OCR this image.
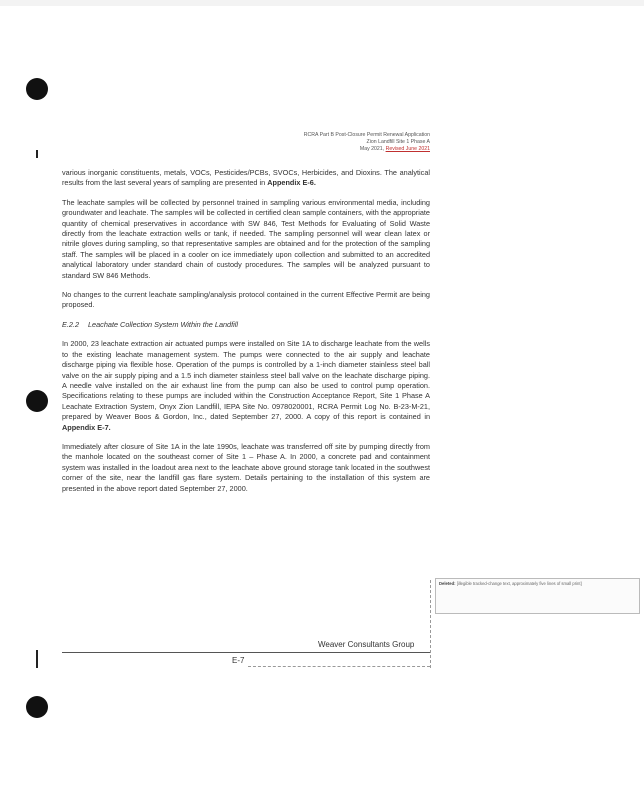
RCRA Part B Post-Closure Permit Renewal Application
Zion Landfill Site 1 Phase A
May 2021, Revised June 2021

various inorganic constituents, metals, VOCs, Pesticides/PCBs, SVOCs, Herbicides, and Dioxins. The analytical results from the last several years of sampling are presented in Appendix E-6.

The leachate samples will be collected by personnel trained in sampling various environmental media, including groundwater and leachate. The samples will be collected in certified clean sample containers, with the appropriate quantity of chemical preservatives in accordance with SW 846, Test Methods for Evaluating of Solid Waste directly from the leachate extraction wells or tank, if needed. The sampling personnel will wear clean latex or nitrile gloves during sampling, so that representative samples are obtained and for the protection of the sampling staff. The samples will be placed in a cooler on ice immediately upon collection and submitted to an accredited analytical laboratory under standard chain of custody procedures. The samples will be analyzed pursuant to standard SW 846 Methods.

No changes to the current leachate sampling/analysis protocol contained in the current Effective Permit are being proposed.

E.2.2 Leachate Collection System Within the Landfill

In 2000, 23 leachate extraction air actuated pumps were installed on Site 1A to discharge leachate from the wells to the existing leachate management system. The pumps were connected to the air supply and leachate discharge piping via flexible hose. Operation of the pumps is controlled by a 1-inch diameter stainless steel ball valve on the air supply piping and a 1.5 inch diameter stainless steel ball valve on the leachate discharge piping. A needle valve installed on the air exhaust line from the pump can also be used to control pump operation. Specifications relating to these pumps are included within the Construction Acceptance Report, Site 1 Phase A Leachate Extraction System, Onyx Zion Landfill, IEPA Site No. 0978020001, RCRA Permit Log No. B-23-M-21, prepared by Weaver Boos & Gordon, Inc., dated September 27, 2000. A copy of this report is contained in Appendix E-7.

Immediately after closure of Site 1A in the late 1990s, leachate was transferred off site by pumping directly from the manhole located on the southeast corner of Site 1 – Phase A. In 2000, a concrete pad and containment system was installed in the loadout area next to the leachate above ground storage tank located in the southwest corner of the site, near the landfill gas flare system. Details pertaining to the installation of this system are presented in the above report dated September 27, 2000.

Deleted: [illegible tracked-change text, approximately five lines of small print]
Weaver Consultants Group
E-7
